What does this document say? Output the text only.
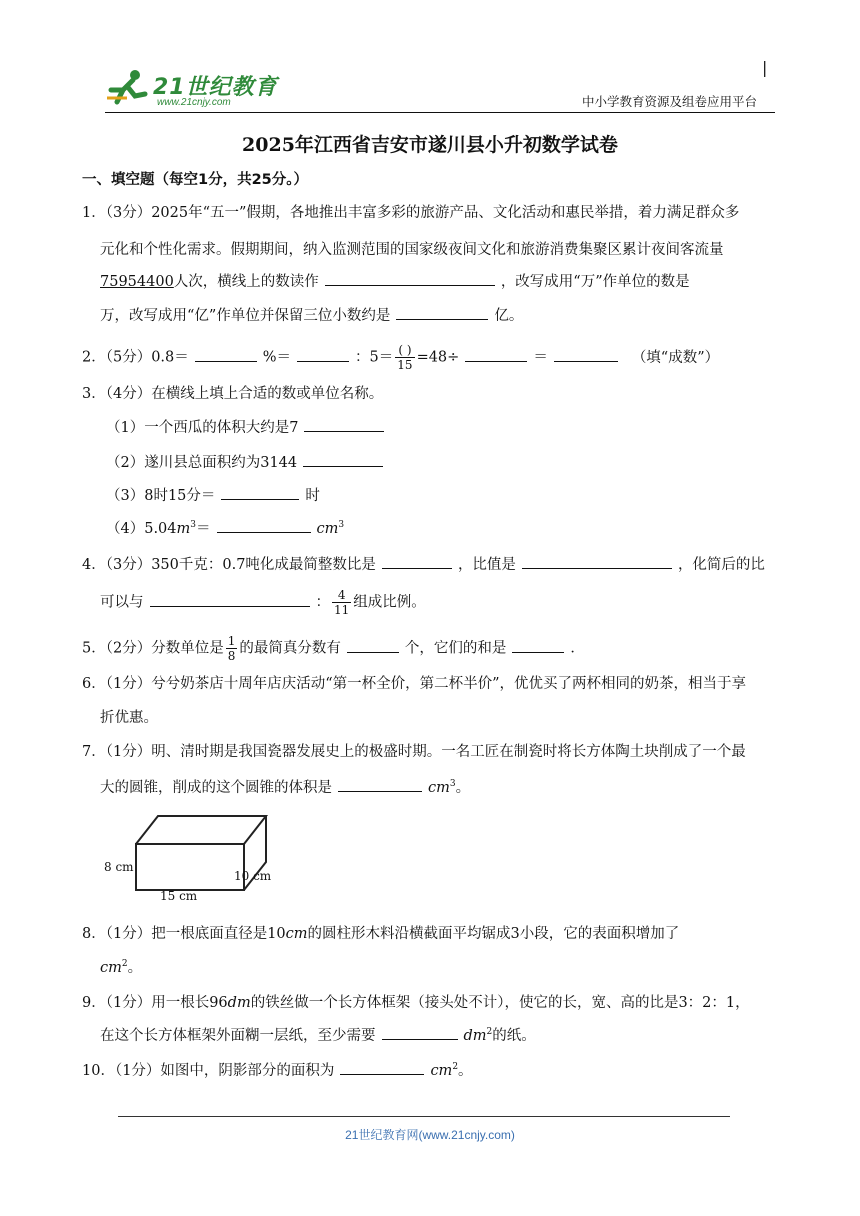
21世纪教育
www.21cnjy.com
|
中小学教育资源及组卷应用平台
2025年江西省吉安市遂川县小升初数学试卷
一、填空题（每空1分，共25分。）
1．（3分）2025年“五一”假期，各地推出丰富多彩的旅游产品、文化活动和惠民举措，着力满足群众多
元化和个性化需求。假期期间，纳入监测范围的国家级夜间文化和旅游消费集聚区累计夜间客流量
75954400人次，横线上的数读作	，改写成用“万”作单位的数是
万，改写成用“亿”作单位并保留三位小数约是	亿。
2．（5分）0.8＝	%＝	：$5= \frac{( )}{15} =48\div$	＝	（填“成数”）
3．（4分）在横线上填上合适的数或单位名称。
（1）一个西瓜的体积大约是7
（2）遂川县总面积约为3144
（3）8时15分＝	时
$(4)5.04m^3=$	$cm^3$
4．（3分）350千克：0.7吨化成最简整数比是	，比值是	，化简后的比
可以与	： $\frac{4}{11}$ 组成比例。
5．（2分）分数单位是 $\frac{1}{8}$ 的最简真分数有	个，它们的和是	．
6．（1分）兮兮奶茶店十周年店庆活动“第一杯全价，第二杯半价”，优优买了两杯相同的奶茶，相当于享
折优惠。
7．（1分）明、清时期是我国瓷器发展史上的极盛时期。一名工匠在制瓷时将长方体陶土块削成了一个最
大的圆锥，削成的这个圆锥的体积是	$cm^3$。
8 cm
15 cm
10 cm
8．（1分）把一根底面直径是10cm的圆柱形木料沿横截面平均锯成3小段，它的表面积增加了
$cm^2$。
9．（1分）用一根长96dm的铁丝做一个长方体框架（接头处不计），使它的长，宽、高的比是3：2：1，
在这个长方体框架外面糊一层纸，至少需要	$dm^2$的纸。
10．（1分）如图中，阴影部分的面积为	$cm^2$。
21世纪教育网(www.21cnjy.com)
